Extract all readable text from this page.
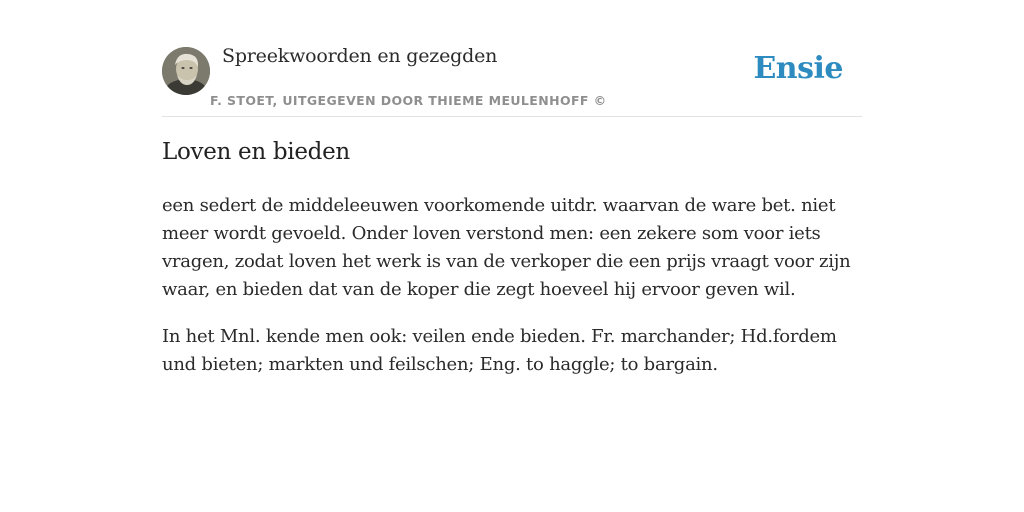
Spreekwoorden en gezegden
F. STOET, UITGEGEVEN DOOR THIEME MEULENHOFF ©
Ensie
Loven en bieden

een sedert de middeleeuwen voorkomende uitdr. waarvan de ware bet. niet meer wordt gevoeld. Onder loven verstond men: een zekere som voor iets vragen, zodat loven het werk is van de verkoper die een prijs vraagt voor zijn waar, en bieden dat van de koper die zegt hoeveel hij ervoor geven wil.

In het Mnl. kende men ook: veilen ende bieden. Fr. marchander; Hd.fordem und bieten; markten und feilschen; Eng. to haggle; to bargain.
